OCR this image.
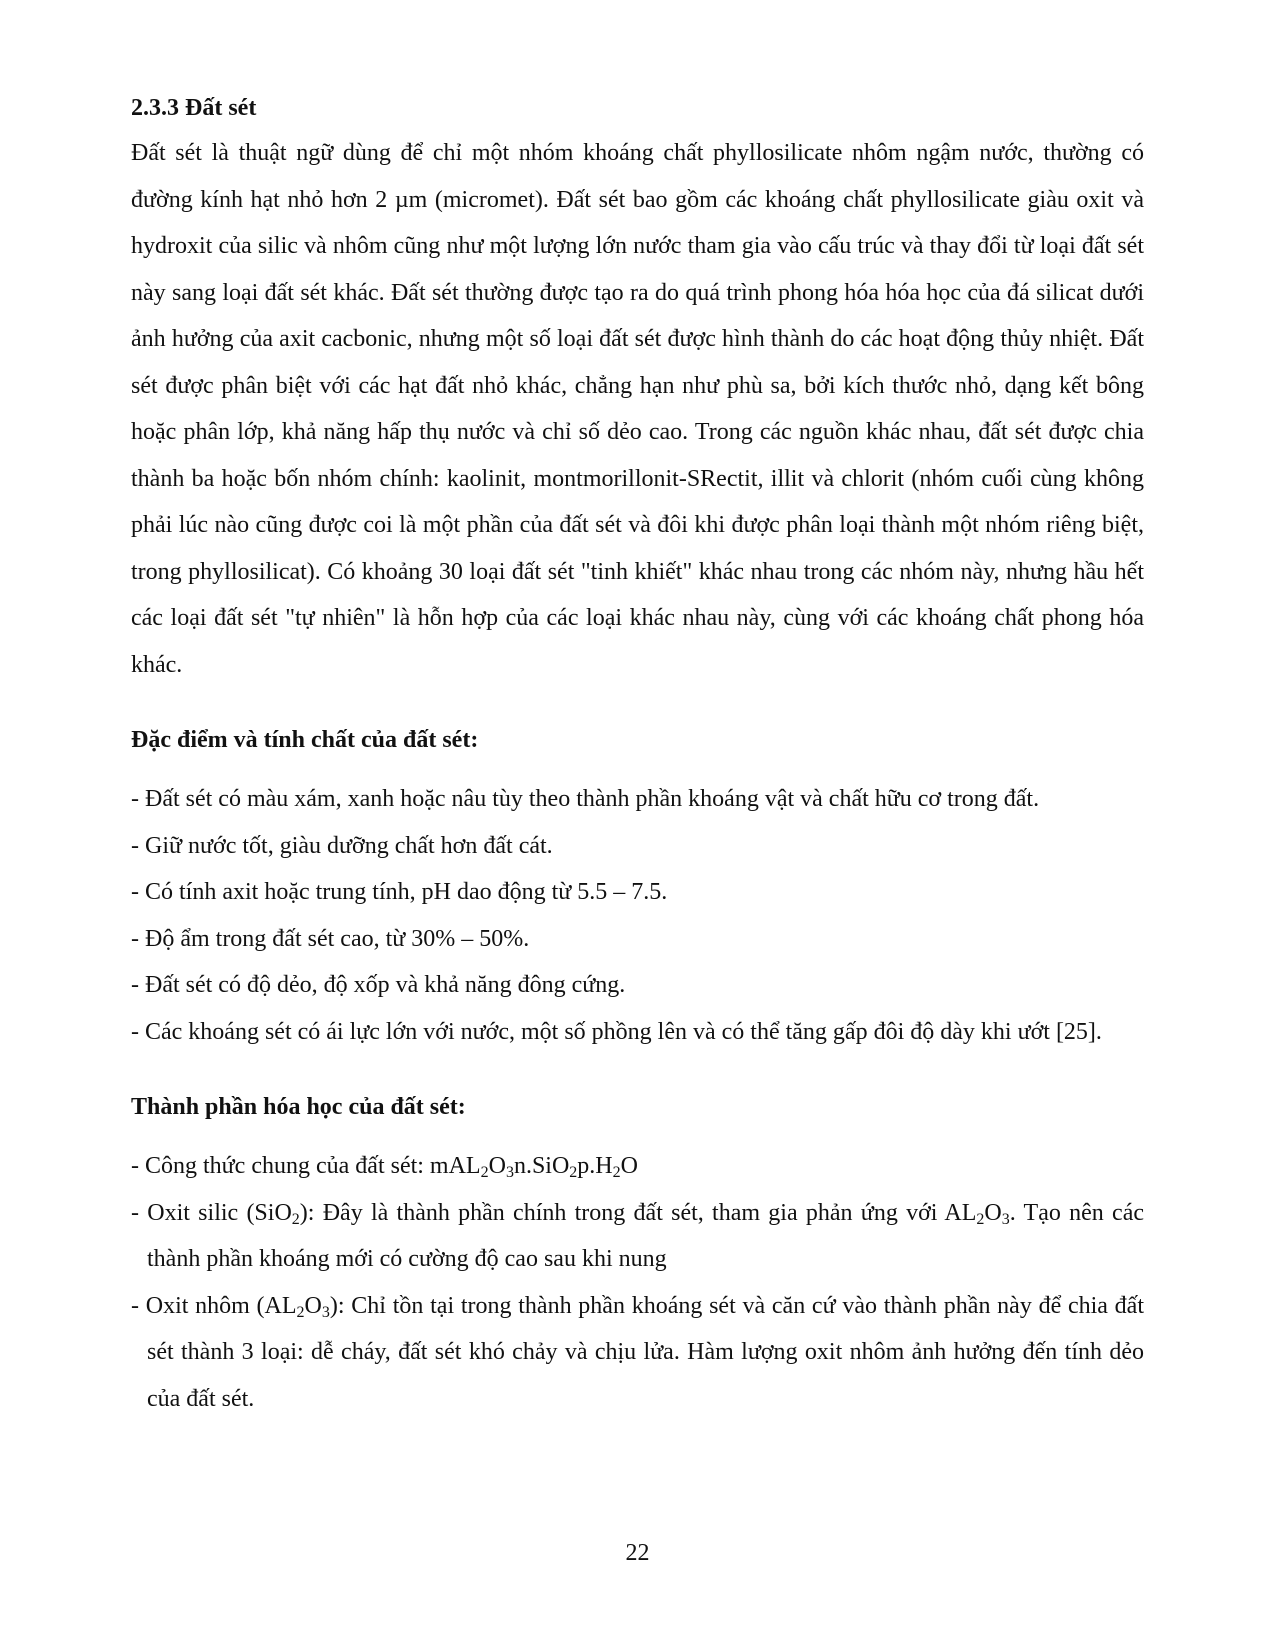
2.3.3 Đất sét

Đất sét là thuật ngữ dùng để chỉ một nhóm khoáng chất phyllosilicate nhôm ngậm nước, thường có đường kính hạt nhỏ hơn 2 µm (micromet). Đất sét bao gồm các khoáng chất phyllosilicate giàu oxit và hydroxit của silic và nhôm cũng như một lượng lớn nước tham gia vào cấu trúc và thay đổi từ loại đất sét này sang loại đất sét khác. Đất sét thường được tạo ra do quá trình phong hóa hóa học của đá silicat dưới ảnh hưởng của axit cacbonic, nhưng một số loại đất sét được hình thành do các hoạt động thủy nhiệt. Đất sét được phân biệt với các hạt đất nhỏ khác, chẳng hạn như phù sa, bởi kích thước nhỏ, dạng kết bông hoặc phân lớp, khả năng hấp thụ nước và chỉ số dẻo cao. Trong các nguồn khác nhau, đất sét được chia thành ba hoặc bốn nhóm chính: kaolinit, montmorillonit-SRectit, illit và chlorit (nhóm cuối cùng không phải lúc nào cũng được coi là một phần của đất sét và đôi khi được phân loại thành một nhóm riêng biệt, trong phyllosilicat). Có khoảng 30 loại đất sét "tinh khiết" khác nhau trong các nhóm này, nhưng hầu hết các loại đất sét "tự nhiên" là hỗn hợp của các loại khác nhau này, cùng với các khoáng chất phong hóa khác.

Đặc điểm và tính chất của đất sét:
- Đất sét có màu xám, xanh hoặc nâu tùy theo thành phần khoáng vật và chất hữu cơ trong đất.
- Giữ nước tốt, giàu dưỡng chất hơn đất cát.
- Có tính axit hoặc trung tính, pH dao động từ 5.5 – 7.5.
- Độ ẩm trong đất sét cao, từ 30% – 50%.
- Đất sét có độ dẻo, độ xốp và khả năng đông cứng.
- Các khoáng sét có ái lực lớn với nước, một số phồng lên và có thể tăng gấp đôi độ dày khi ướt [25].
Thành phần hóa học của đất sét:
- Công thức chung của đất sét: $mAL_2O_3n.SiO_2p.H_2O$
- Oxit silic (SiO$_2$): Đây là thành phần chính trong đất sét, tham gia phản ứng với $AL_2O_3$. Tạo nên các thành phần khoáng mới có cường độ cao sau khi nung
- Oxit nhôm $(AL_2O_3)$: Chỉ tồn tại trong thành phần khoáng sét và căn cứ vào thành phần này để chia đất sét thành 3 loại: dễ cháy, đất sét khó chảy và chịu lửa. Hàm lượng oxit nhôm ảnh hưởng đến tính dẻo của đất sét.
22
